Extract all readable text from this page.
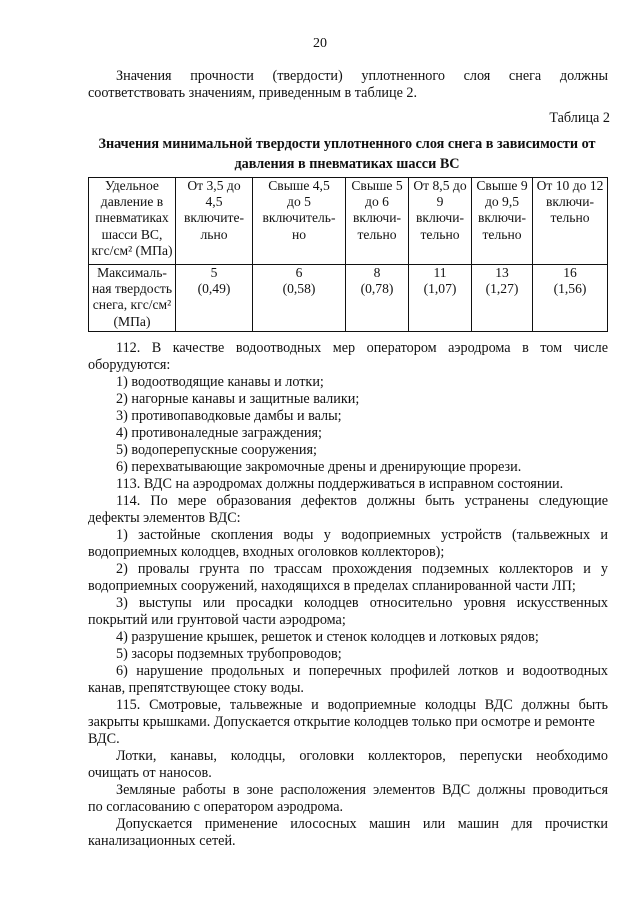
20
Значения прочности (твердости) уплотненного слоя снега должны
соответствовать значениям, приведенным в таблице 2.
Таблица 2
Значения минимальной твердости уплотненного слоя снега в зависимости от
давления в пневматиках шасси ВС
Удельное
давление в
пневматиках
шасси ВС,
кгс/см² (МПа)	От 3,5 до
4,5
включите-
льно	Свыше 4,5
до 5
включитель-
но	Свыше 5
до 6
включи-
тельно	От 8,5 до
9
включи-
тельно	Свыше 9
до 9,5
включи-
тельно	От 10 до 12
включи-
тельно

Максималь-
ная твердость
снега, кгс/см²
(МПа)	5
(0,49)	6
(0,58)	8
(0,78)	11
(1,07)	13
(1,27)	16
(1,56)
112. В качестве водоотводных мер оператором аэродрома в том числе
оборудуются:
1) водоотводящие канавы и лотки;
2) нагорные канавы и защитные валики;
3) противопаводковые дамбы и валы;
4) противоналедные заграждения;
5) водоперепускные сооружения;
6) перехватывающие закромочные дрены и дренирующие прорези.
113. ВДС на аэродромах должны поддерживаться в исправном состоянии.
114. По мере образования дефектов должны быть устранены следующие
дефекты элементов ВДС:
1) застойные скопления воды у водоприемных устройств (тальвежных и
водоприемных колодцев, входных оголовков коллекторов);
2) провалы грунта по трассам прохождения подземных коллекторов и у
водоприемных сооружений, находящихся в пределах спланированной части ЛП;
3) выступы или просадки колодцев относительно уровня искусственных
покрытий или грунтовой части аэродрома;
4) разрушение крышек, решеток и стенок колодцев и лотковых рядов;
5) засоры подземных трубопроводов;
6) нарушение продольных и поперечных профилей лотков и водоотводных
канав, препятствующее стоку воды.
115. Смотровые, тальвежные и водоприемные колодцы ВДС должны быть
закрыты крышками. Допускается открытие колодцев только при осмотре и ремонте
ВДС.
Лотки, канавы, колодцы, оголовки коллекторов, перепуски необходимо
очищать от наносов.
Земляные работы в зоне расположения элементов ВДС должны проводиться
по согласованию с оператором аэродрома.
Допускается применение илососных машин или машин для прочистки
канализационных сетей.
